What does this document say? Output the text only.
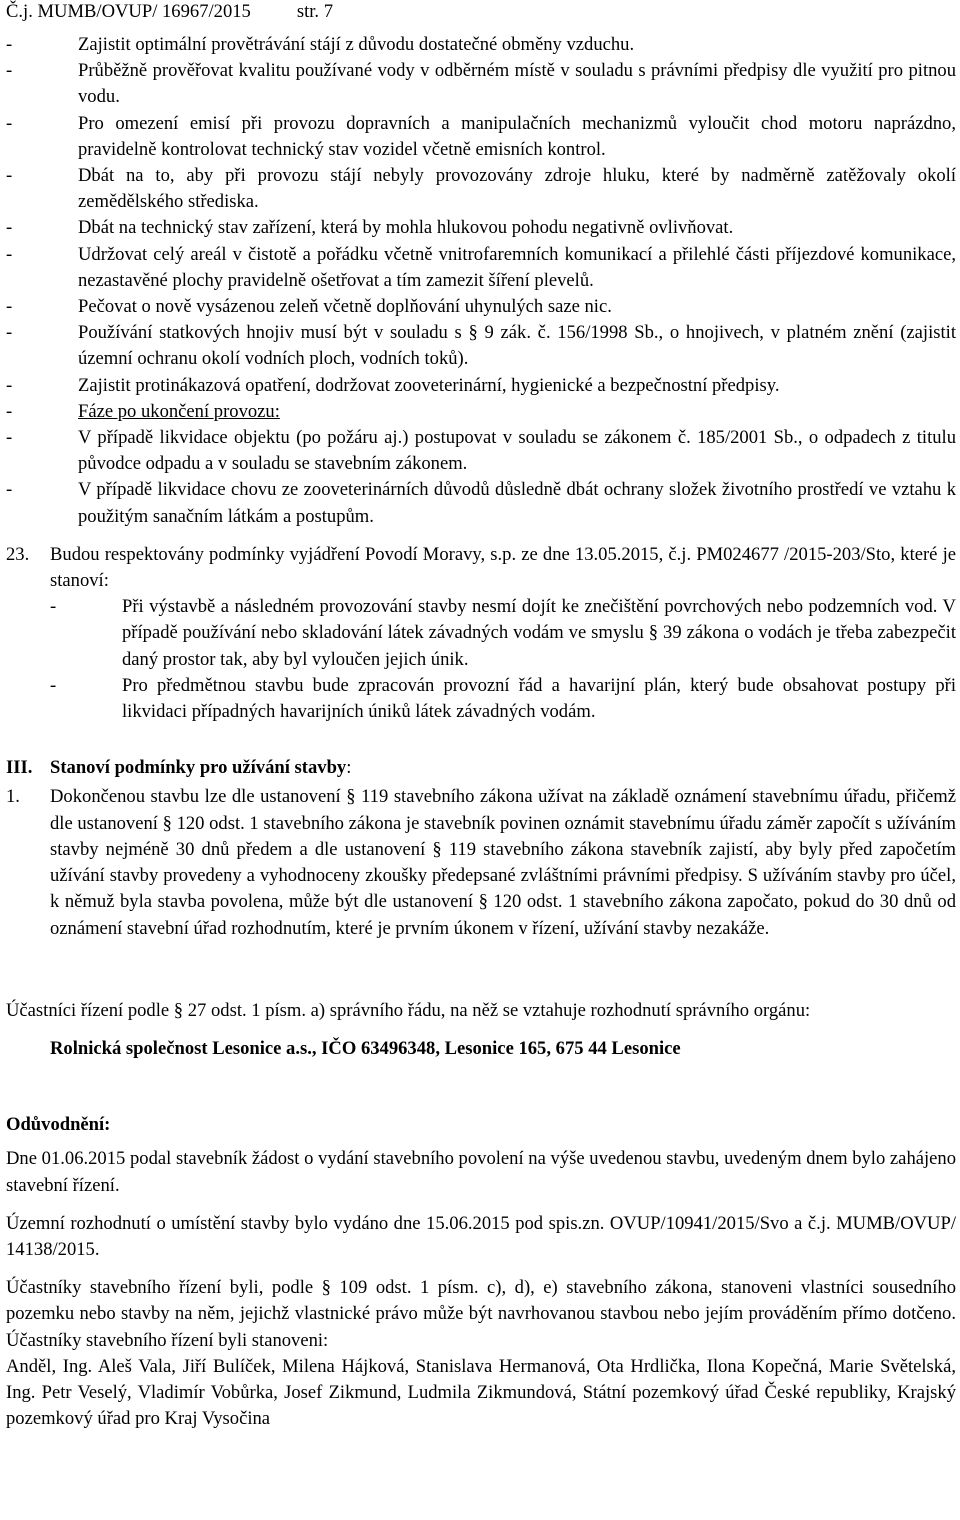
Č.j. MUMB/OVUP/ 16967/2015 str. 7
-	Zajistit optimální provětrávání stájí z důvodu dostatečné obměny vzduchu.
-	Průběžně prověřovat kvalitu používané vody v odběrném místě v souladu s právními předpisy dle využití pro pitnou vodu.
-	Pro omezení emisí při provozu dopravních a manipulačních mechanizmů vyloučit chod motoru naprázdno, pravidelně kontrolovat technický stav vozidel včetně emisních kontrol.
-	Dbát na to, aby při provozu stájí nebyly provozovány zdroje hluku, které by nadměrně zatěžovaly okolí zemědělského střediska.
-	Dbát na technický stav zařízení, která by mohla hlukovou pohodu negativně ovlivňovat.
-	Udržovat celý areál v čistotě a pořádku včetně vnitrofaremních komunikací a přilehlé části příjezdové komunikace, nezastavěné plochy pravidelně ošetřovat a tím zamezit šíření plevelů.
-	Pečovat o nově vysázenou zeleň včetně doplňování uhynulých saze nic.
-	Používání statkových hnojiv musí být v souladu s § 9 zák. č. 156/1998 Sb., o hnojivech, v platném znění (zajistit územní ochranu okolí vodních ploch, vodních toků).
-	Zajistit protinákazová opatření, dodržovat zooveterinární, hygienické a bezpečnostní předpisy.
-	Fáze po ukončení provozu:
-	V případě likvidace objektu (po požáru aj.) postupovat v souladu se zákonem č. 185/2001 Sb., o odpadech z titulu původce odpadu a v souladu se stavebním zákonem.
-	V případě likvidace chovu ze zooveterinárních důvodů důsledně dbát ochrany složek životního prostředí ve vztahu k použitým sanačním látkám a postupům.
23.	Budou respektovány podmínky vyjádření Povodí Moravy, s.p. ze dne 13.05.2015, č.j. PM024677 /2015-203/Sto, které je stanoví:

-	Při výstavbě a následném provozování stavby nesmí dojít ke znečištění povrchových nebo podzemních vod. V případě používání nebo skladování látek závadných vodám ve smyslu § 39 zákona o vodách je třeba zabezpečit daný prostor tak, aby byl vyloučen jejich únik.
-	Pro předmětnou stavbu bude zpracován provozní řád a havarijní plán, který bude obsahovat postupy při likvidaci případných havarijních úniků látek závadných vodám.
III. Stanoví podmínky pro užívání stavby:
1.	Dokončenou stavbu lze dle ustanovení § 119 stavebního zákona užívat na základě oznámení stavebnímu úřadu, přičemž dle ustanovení § 120 odst. 1 stavebního zákona je stavebník povinen oznámit stavebnímu úřadu záměr započít s užíváním stavby nejméně 30 dnů předem a dle ustanovení § 119 stavebního zákona stavebník zajistí, aby byly před započetím užívání stavby provedeny a vyhodnoceny zkoušky předepsané zvláštními právními předpisy. S užíváním stavby pro účel, k němuž byla stavba povolena, může být dle ustanovení § 120 odst. 1 stavebního zákona započato, pokud do 30 dnů od oznámení stavební úřad rozhodnutím, které je prvním úkonem v řízení, užívání stavby nezakáže.

Účastníci řízení podle § 27 odst. 1 písm. a) správního řádu, na něž se vztahuje rozhodnutí správního orgánu:

Rolnická společnost Lesonice a.s., IČO 63496348, Lesonice 165, 675 44 Lesonice

Odůvodnění:

Dne 01.06.2015 podal stavebník žádost o vydání stavebního povolení na výše uvedenou stavbu, uvedeným dnem bylo zahájeno stavební řízení.

Územní rozhodnutí o umístění stavby bylo vydáno dne 15.06.2015 pod spis.zn. OVUP/10941/2015/Svo a č.j. MUMB/OVUP/ 14138/2015.

Účastníky stavebního řízení byli, podle § 109 odst. 1 písm. c), d), e) stavebního zákona, stanoveni vlastníci sousedního pozemku nebo stavby na něm, jejichž vlastnické právo může být navrhovanou stavbou nebo jejím prováděním přímo dotčeno. Účastníky stavebního řízení byli stanoveni:

Anděl, Ing. Aleš Vala, Jiří Bulíček, Milena Hájková, Stanislava Hermanová, Ota Hrdlička, Ilona Kopečná, Marie Světelská, Ing. Petr Veselý, Vladimír Vobůrka, Josef Zikmund, Ludmila Zikmundová, Státní pozemkový úřad České republiky, Krajský pozemkový úřad pro Kraj Vysočina
